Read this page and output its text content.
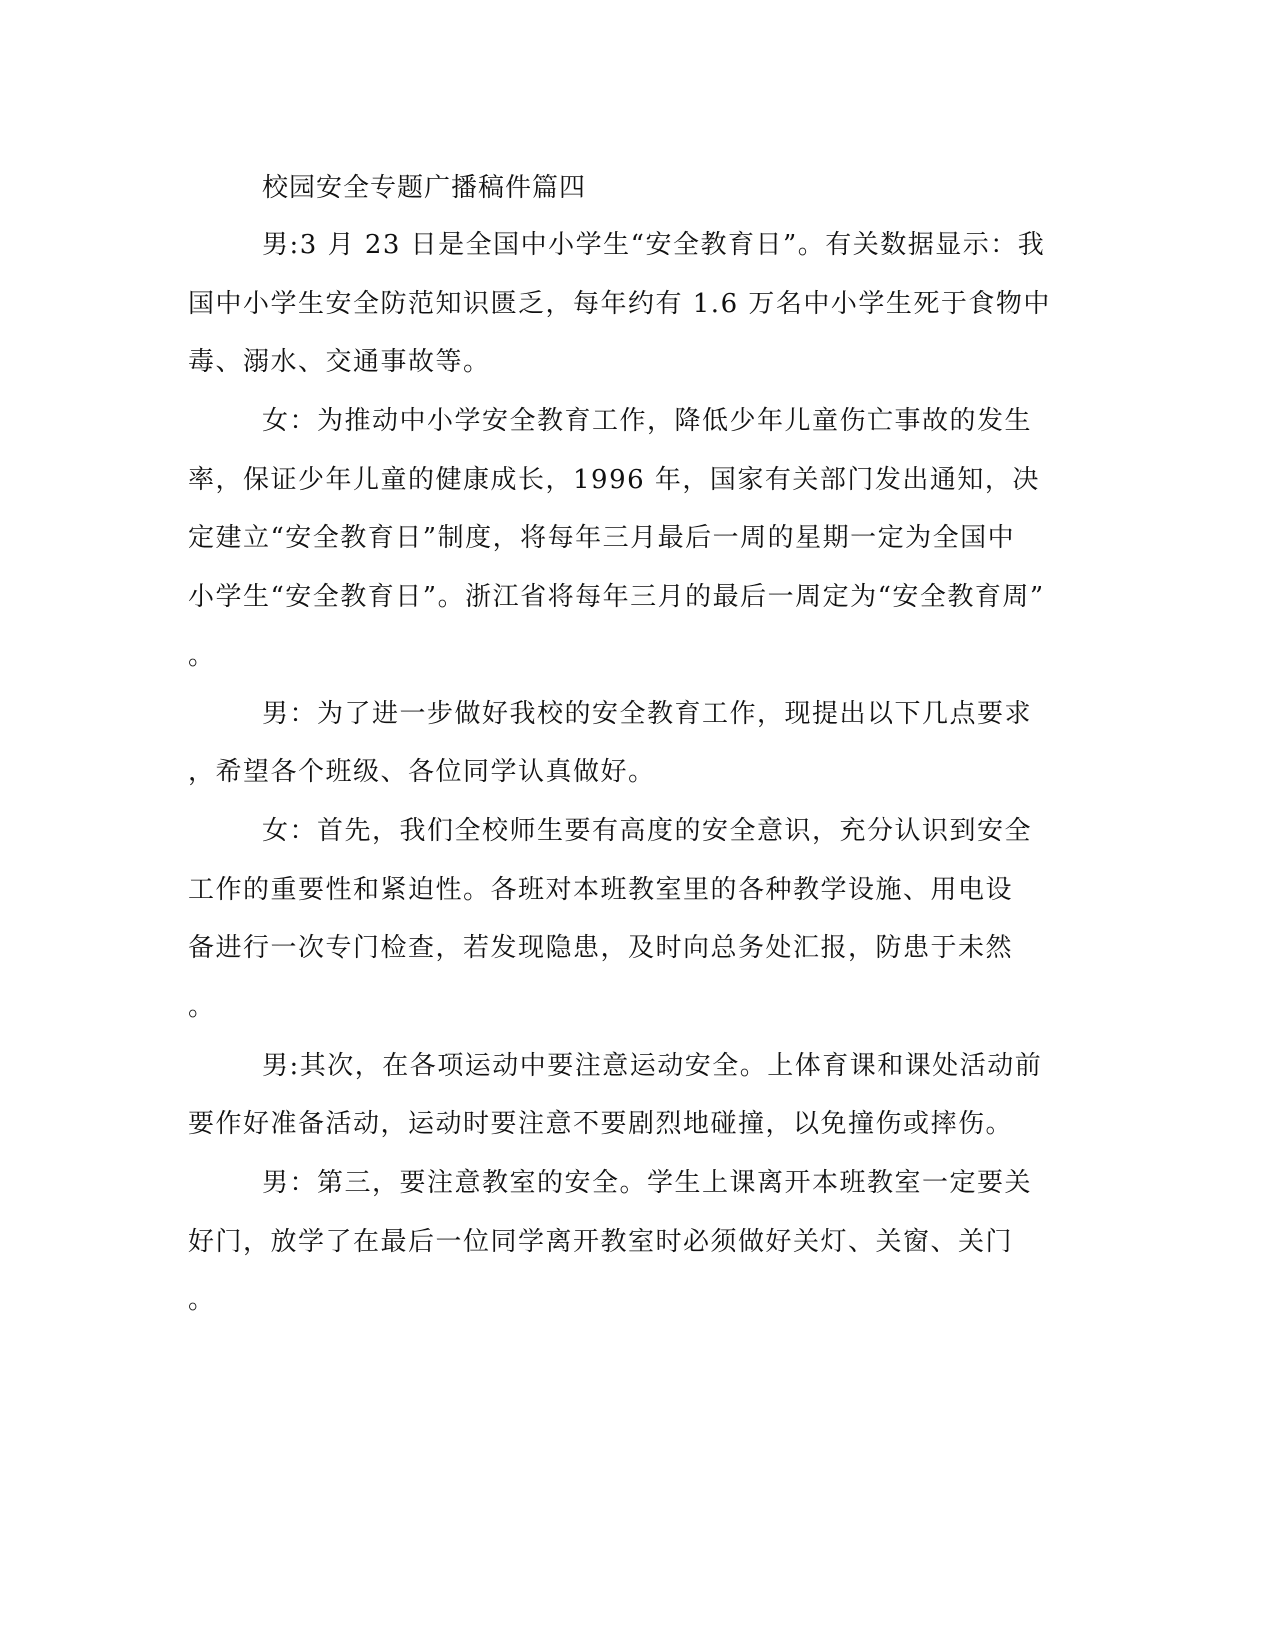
校园安全专题广播稿件篇四
男:3 月 23 日是全国中小学生“安全教育日”。有关数据显示：我
国中小学生安全防范知识匮乏，每年约有 1.6 万名中小学生死于食物中
毒、溺水、交通事故等。
女：为推动中小学安全教育工作，降低少年儿童伤亡事故的发生
率，保证少年儿童的健康成长，1996 年，国家有关部门发出通知，决
定建立“安全教育日”制度，将每年三月最后一周的星期一定为全国中
小学生“安全教育日”。浙江省将每年三月的最后一周定为“安全教育周”
。
男：为了进一步做好我校的安全教育工作，现提出以下几点要求
，希望各个班级、各位同学认真做好。
女：首先，我们全校师生要有高度的安全意识，充分认识到安全
工作的重要性和紧迫性。各班对本班教室里的各种教学设施、用电设
备进行一次专门检查，若发现隐患，及时向总务处汇报，防患于未然
。
男:其次，在各项运动中要注意运动安全。上体育课和课处活动前
要作好准备活动，运动时要注意不要剧烈地碰撞，以免撞伤或摔伤。
男：第三，要注意教室的安全。学生上课离开本班教室一定要关
好门，放学了在最后一位同学离开教室时必须做好关灯、关窗、关门
。
